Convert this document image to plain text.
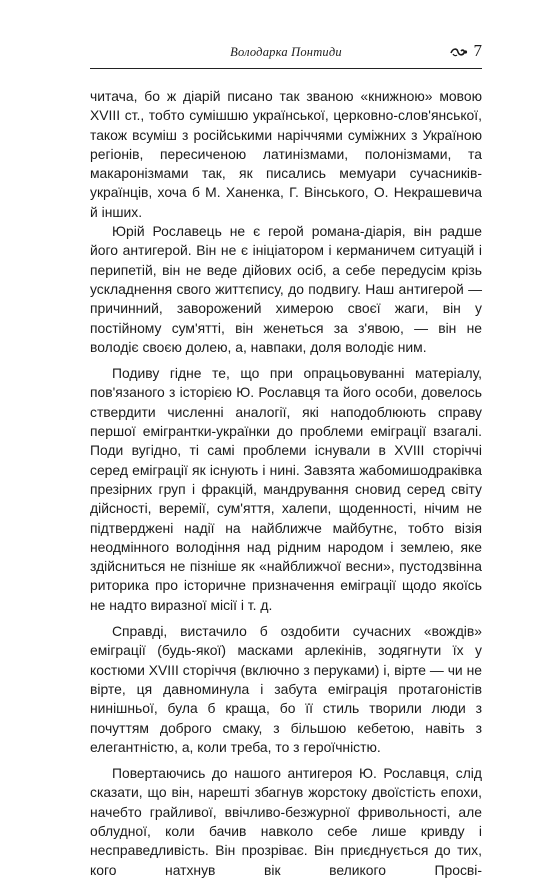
Володарка Понтиди	7

читача, бо ж діарій писано так званою «книжною» мовою XVIII ст., тобто сумішшю української, церковно-слов'янської, також всуміш з російськими наріччями суміжних з Україною регіонів, пересиченою латинізмами, полонізмами, та макаронізмами так, як писались мемуари сучасників-українців, хоча б М. Ханенка, Г. Вінського, О. Некрашевича й інших.

Юрій Рославець не є герой романа-діарія, він радше його антигерой. Він не є ініціатором і керманичем ситуацій і перипетій, він не веде дійових осіб, а себе передусім крізь ускладнення свого життєпису, до подвигу. Наш антигерой — причинний, заворожений химерою своєї жаги, він у постійному сум'ятті, він женеться за з'явою, — він не володіє своєю долею, а, навпаки, доля володіє ним.

Подиву гідне те, що при опрацьовуванні матеріалу, пов'язаного з історією Ю. Рославця та його особи, довелось ствердити численні аналогії, які наподоблюють справу першої емігрантки-українки до проблеми еміграції взагалі. Поди вугідно, ті самі проблеми існували в XVIII сторіччі серед еміграції як існують і нині. Завзята жабомишодраківка презірних груп і фракцій, мандрування сновид серед світу дійсності, веремії, сум'яття, халепи, щоденності, нічим не підтверджені надії на найближче майбутнє, тобто візія неодмінного володіння над рідним народом і землею, яке здійсниться не пізніше як «найближчої весни», пустодзвінна риторика про історичне призначення еміграції щодо якоїсь не надто виразної місії і т. д.

Справді, вистачило б оздобити сучасних «вождів» еміграції (будь-якої) масками арлекінів, зодягнути їх у костюми XVIII сторіччя (включно з перуками) і, вірте — чи не вірте, ця давноминула і забута еміграція протагоністів нинішньої, була б краща, бо її стиль творили люди з почуттям доброго смаку, з більшою кебетою, навіть з елегантністю, а, коли треба, то з героїчністю.

Повертаючись до нашого антигероя Ю. Рославця, слід сказати, що він, нарешті збагнув жорстоку двоїстість епохи, начебто грайливої, ввічливо-безжурної фривольності, але облудної, коли бачив навколо себе лише кривду і несправедливість. Він прозріває. Він приєднується до тих, кого натхнув вік великого Просві-
